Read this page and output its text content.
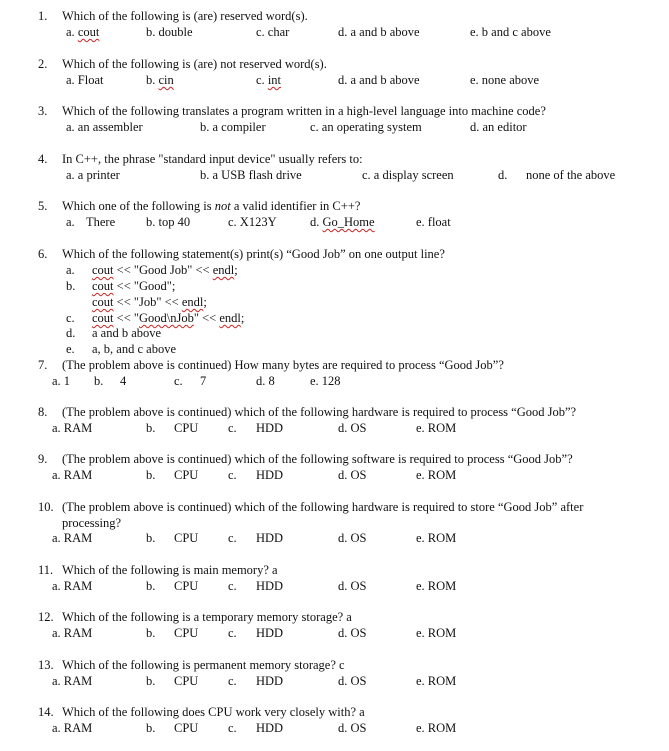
1. Which of the following is (are) reserved word(s).
a. cout	b. double	c. char	d. a and b above	e. b and c above
2. Which of the following is (are) not reserved word(s).
a. Float	b. cin	c. int	d. a and b above	e. none above
3. Which of the following translates a program written in a high-level language into machine code?
a. an assembler	b. a compiler	c. an operating system	d. an editor
4. In C++, the phrase "standard input device" usually refers to:
a. a printer	b. a USB flash drive	c. a display screen	d. none of the above
5. Which one of the following is not a valid identifier in C++?
a. There b. top 40	c. X123Y	d. Go_Home	e. float
6. Which of the following statement(s) print(s) “Good Job” on one output line?
a. cout << "Good Job" << endl;
b. cout << "Good";
cout << "Job" << endl;
c. cout << "Good\nJob" << endl;
d. a and b above
e. a, b, and c above
7. (The problem above is continued) How many bytes are required to process “Good Job”?
a. 1 b. 4	c. 7	d. 8	e. 128
8. (The problem above is continued) which of the following hardware is required to process “Good Job”?
a. RAM	b. CPU c. HDD	d. OS	e. ROM
9. (The problem above is continued) which of the following software is required to process “Good Job”?
a. RAM	b. CPU c. HDD	d. OS	e. ROM
10. (The problem above is continued) which of the following hardware is required to store “Good Job” after
processing?
a. RAM	b. CPU c. HDD	d. OS	e. ROM
11. Which of the following is main memory? a
a. RAM	b. CPU c. HDD	d. OS	e. ROM
12. Which of the following is a temporary memory storage? a
a. RAM	b. CPU c. HDD	d. OS	e. ROM
13. Which of the following is permanent memory storage? c
a. RAM	b. CPU c. HDD	d. OS	e. ROM
14. Which of the following does CPU work very closely with? a
a. RAM	b. CPU c. HDD	d. OS	e. ROM
